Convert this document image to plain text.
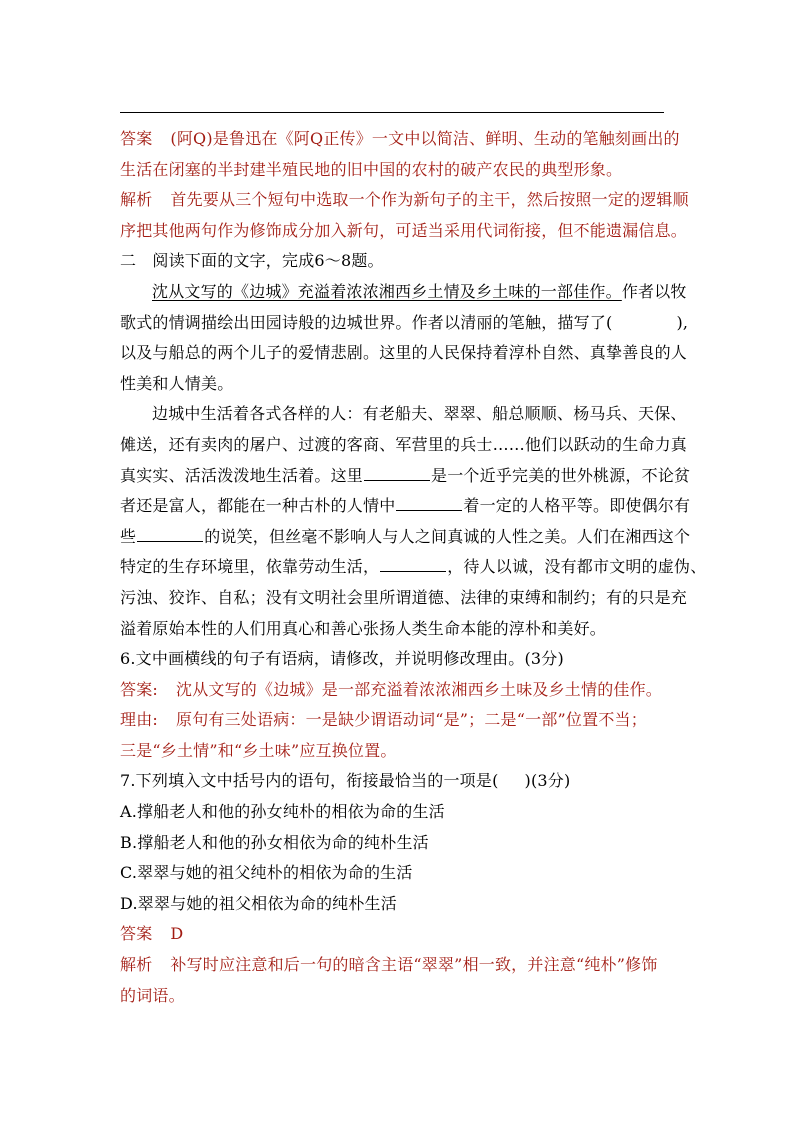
答案 (阿Q)是鲁迅在《阿Q正传》一文中以简洁、鲜明、生动的笔触刻画出的
生活在闭塞的半封建半殖民地的旧中国的农村的破产农民的典型形象。
解析 首先要从三个短句中选取一个作为新句子的主干，然后按照一定的逻辑顺
序把其他两句作为修饰成分加入新句，可适当采用代词衔接，但不能遗漏信息。
二　阅读下面的文字，完成6～8题。
沈从文写的《边城》充溢着浓浓湘西乡土情及乡土味的一部佳作。作者以牧
歌式的情调描绘出田园诗般的边城世界。作者以清丽的笔触，描写了(	),
以及与船总的两个儿子的爱情悲剧。这里的人民保持着淳朴自然、真挚善良的人
性美和人情美。
边城中生活着各式各样的人：有老船夫、翠翠、船总顺顺、杨马兵、天保、
傩送，还有卖肉的屠户、过渡的客商、军营里的兵士……他们以跃动的生命力真
真实实、活活泼泼地生活着。这里	是一个近乎完美的世外桃源，不论贫
者还是富人，都能在一种古朴的人情中	着一定的人格平等。即使偶尔有
些	的说笑，但丝毫不影响人与人之间真诚的人性之美。人们在湘西这个
特定的生存环境里，依靠劳动生活，	，待人以诚，没有都市文明的虚伪、
污浊、狡诈、自私；没有文明社会里所谓道德、法律的束缚和制约；有的只是充
溢着原始本性的人们用真心和善心张扬人类生命本能的淳朴和美好。
6.文中画横线的句子有语病，请修改，并说明修改理由。(3分)
答案: 沈从文写的《边城》是一部充溢着浓浓湘西乡土味及乡土情的佳作。
理由: 原句有三处语病：一是缺少谓语动词“是”；二是“一部”位置不当；
三是“乡土情”和“乡土味”应互换位置。
7.下列填入文中括号内的语句，衔接最恰当的一项是( )(3分)
A.撑船老人和他的孙女纯朴的相依为命的生活
B.撑船老人和他的孙女相依为命的纯朴生活
C.翠翠与她的祖父纯朴的相依为命的生活
D.翠翠与她的祖父相依为命的纯朴生活
答案 D
解析 补写时应注意和后一句的暗含主语“翠翠”相一致，并注意“纯朴”修饰
的词语。
